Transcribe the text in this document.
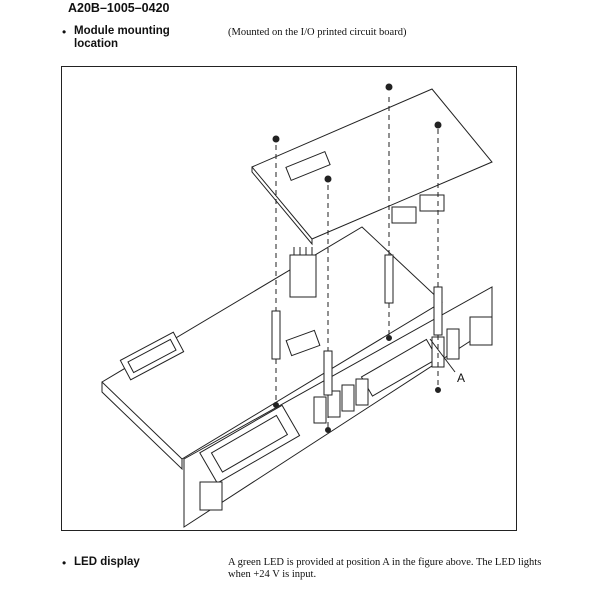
A20B–1005–0420
• Module mounting location
(Mounted on the I/O printed circuit board)
A
• LED display	A green LED is provided at position A in the figure above. The LED lights when +24 V is input.
